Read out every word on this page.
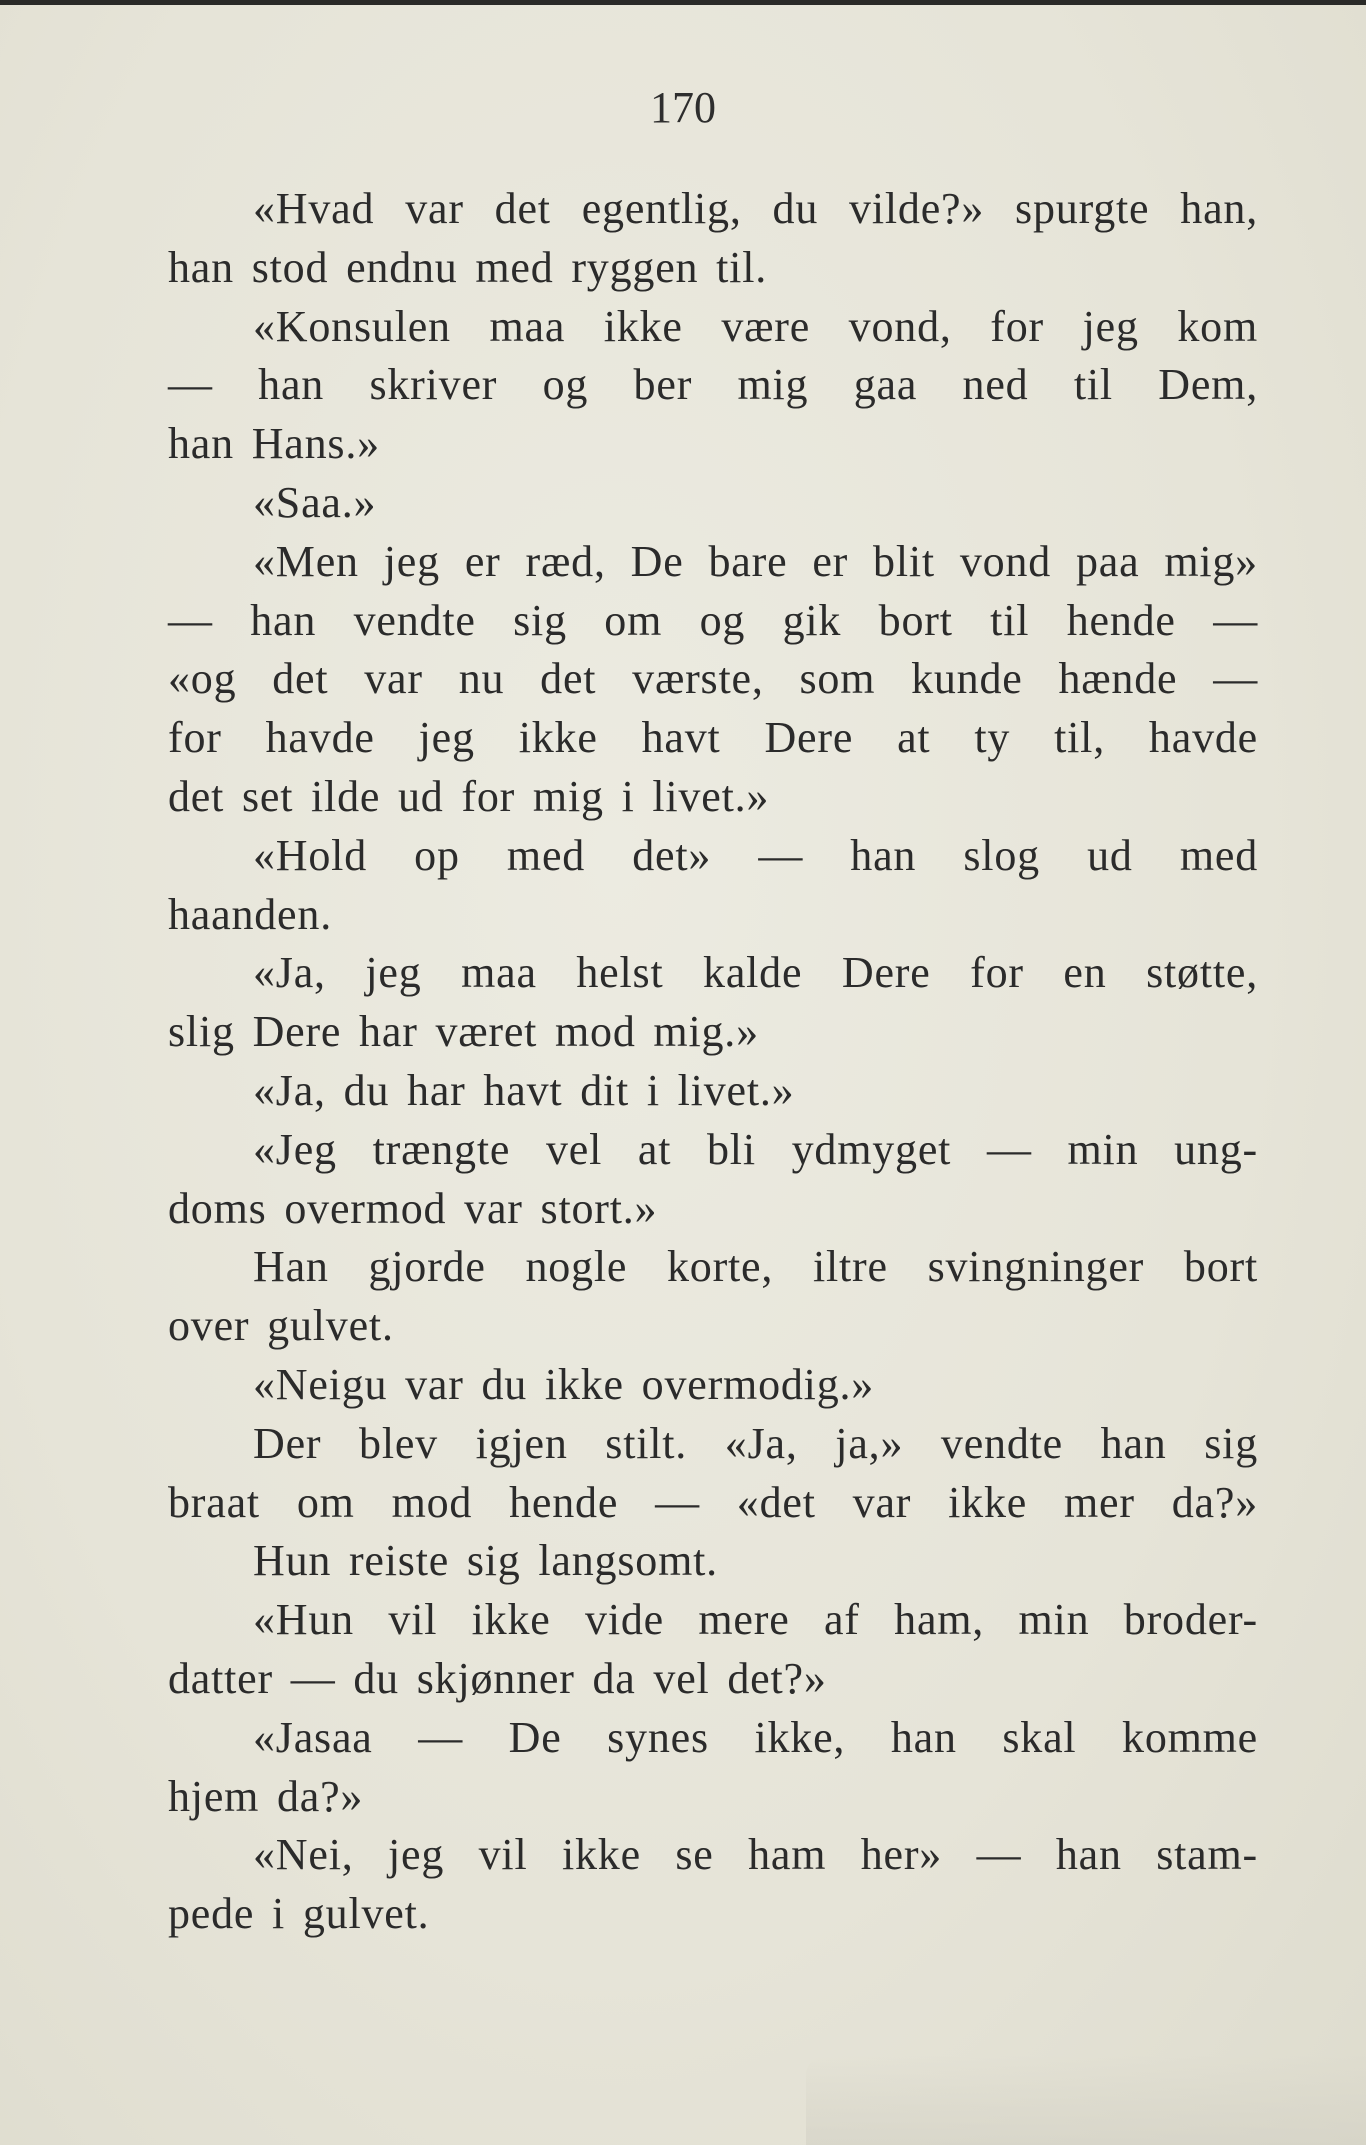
170
«Hvad var det egentlig, du vilde?» spurgte han,
han stod endnu med ryggen til.
«Konsulen maa ikke være vond, for jeg kom
— han skriver og ber mig gaa ned til Dem,
han Hans.»
«Saa.»
«Men jeg er ræd, De bare er blit vond paa mig»
— han vendte sig om og gik bort til hende —
«og det var nu det værste, som kunde hænde —
for havde jeg ikke havt Dere at ty til, havde
det set ilde ud for mig i livet.»
«Hold op med det» — han slog ud med
haanden.
«Ja, jeg maa helst kalde Dere for en støtte,
slig Dere har været mod mig.»
«Ja, du har havt dit i livet.»
«Jeg trængte vel at bli ydmyget — min ung-
doms overmod var stort.»
Han gjorde nogle korte, iltre svingninger bort
over gulvet.
«Neigu var du ikke overmodig.»
Der blev igjen stilt. «Ja, ja,» vendte han sig
braat om mod hende — «det var ikke mer da?»
Hun reiste sig langsomt.
«Hun vil ikke vide mere af ham, min broder-
datter — du skjønner da vel det?»
«Jasaa — De synes ikke, han skal komme
hjem da?»
«Nei, jeg vil ikke se ham her» — han stam-
pede i gulvet.
